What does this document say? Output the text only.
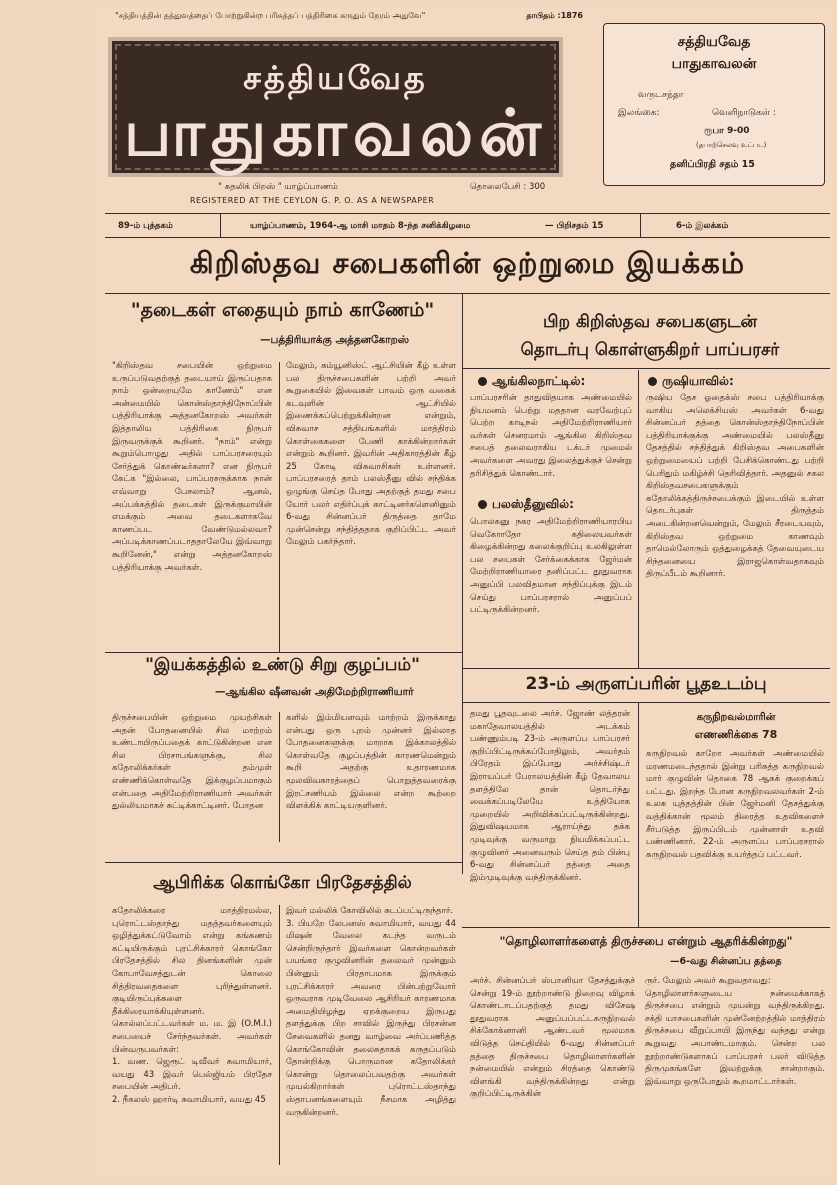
"சத்தியத்தின் தத்துவத்தைப் போற்றுகின்ற பரிசுத்தப் பத்திரிகை கருதும் நேரம் அதுவே"	தாபிதம் :1876
சத்தியவேத
பாதுகாவலன்
" கதலிக் பிறஸ் " யாழ்ப்பாணம்	தொலைபேசி : 300
REGISTERED AT THE CEYLON G. P. O. AS A NEWSPAPER
சத்தியவேத
பாதுகாவலன்
வருடசந்தா
இலங்கை:	வெளிநாடுகள் :
ரூபா 9-00
(தபாற்செலவு உட்பட)
தனிப்பிரதி சதம் 15
89-ம் புத்தகம்	யாழ்ப்பாணம், 1964-ஆ மாசி மாதம் 8-ந்த சனிக்கிழமை	— பிறிசதம் 15	6-ம் இலக்கம்
கிறிஸ்தவ சபைகளின் ஒற்றுமை இயக்கம்
"தடைகள் எதையும் நாம் காணேம்"
—பத்திரியாக்கு அத்தனகோறஸ்
"கிறிஸ்தவ சபையின் ஒற்றுமை உருப்படுவதற்குத் தடையாய் இருப்பதாக நாம் ஒன்றையுமே காணேம்" என அன்மையில் கொன்ஸ்தாந்திநோப்பின் பத்திரியாக்கு அத்தனகோறஸ் அவர்கள் இத்தாலிய பத்திரிகை நிருபர் இருவருக்குக் கூறினர். "நாம்" என்று கூறும்பொழுது அதில் பாப்பரசரையும் சேர்த்துக் கொண்டீர்களா? என நிருபர் கேட்க "இல்லை, பாப்பரசருக்காக நான் எவ்வாறு பேசலாம்? ஆனல், அப்பக்கத்தில் தடைகள் இருக்குமாயின் எமக்கும் அவை தடைகளாகவே காணப்பட வேண்டுமல்லவா? அப்படிக்காணப்படாததாலேயே இவ்வாறு கூறினேன்," என்று அத்தனகோறஸ் பத்திரியாக்கு அவர்கள்.
மேலும், கம்யூனிஸ்ட் ஆட்சியின் கீழ் உள்ள பல திருச்சபைகளின் பற்றி அவர் கூறுகையில் இவைகள் பாவம் ஒரு வகைக் கடவுளின் ஆட்சியில் இணைக்கப்பெற்றுக்கின்றன என்றும், விசுவாச சத்தியங்களில் மாத்திரம் கொள்கைகளை பேணி காக்கின்றார்கள் என்றும் கூறினர். இவரின் அதிகாரத்தின் கீழ் 25 கோடி விசுவாசிகள் உள்ளனர். பாப்பரசரைத் தாம் பலஸ்தீனு வில் சந்திக்க ஒழுங்கு செய்த போது அதற்குத் தமது சபை யோர் பலர் எதிர்ப்புக் காட்டினர்களெனினும் 6-வது சின்னப்பர் திருத்தை தாமே முன்சென்று சந்தித்ததாக குறிப்பிட்ட அவர் மேலும் பகர்ந்தார்.
"இயக்கத்தில் உண்டு சிறு குழப்பம்"
—ஆங்கில ஷீனவன் அதிமேற்றிராணியார்
திருச்சபையின் ஒற்றுமை முயற்சிகள் அதன் போதனையில் சில மாற்றம் உண்டாயிருப்பதைக் காட்டுகின்றன என சில பிரசாபங்களுக்கு, சில கதோலிக்கர்கள் தம்முள் எண்ணிக்கொள்வதே இக்குழப்பமாகும் என்பதை அதிமேற்றிராணியார் அவர்கள் துல்லியமாகச் சுட்டிக்காட்டினர். போதன
களில் இம்மியளவும் மாற்றம் இருக்காது என்பது ஒரு புறம் முன்னர் இல்லாத போதனைகளுக்கு மாறாக இக்காலத்தில் கொள்வதே குழப்பத்தின் காரணமென்றும் கூறி அதற்கு உதாரணமாக மூலவிவகாரத்தைப் பொறுத்தவரைக்கு இரட்சணியம் இல்லை என்ற கூற்றை விளக்கிக் காட்டியருளினர்.
ஆபிரிக்க கொங்கோ பிரதேசத்தில்
கதோலிக்கரை மாத்திரமல்ல, புரொட்டஸ்தாந்து மதத்தவர்களையும் ஒழித்துக்கட்டுவோம் என்று கங்கணம் கட்டியிருக்கும் புரட்சிக்காரர் கொங்கோ பிரதேசத்தில் சில தினங்களின் முன் கோபாவேசத்துடன் கொலை சித்திரவதைகளை புரிந்துள்ளனர். குடியிருப்புக்களை தீக்கிரையாக்கியுள்ளனர். கொல்லப்பட்டவர்கள் ம. ம. இ (O.M.I.) சபையைச் சேர்ந்தவர்கள். அவர்கள் பின்வருபவர்கள்:
1. வண. ஜெரூட் டிவீவர் சுவாமியார், வயது 43 இவர் பெல்ஜியம் பிரதேச சபையின் அதிபர்.
2. நீகலஸ் ஹார்டி சுவாமியார், வயது 45
இவர் மல்லிக் கோவிலில் சுடப்பட்டிருந்தார்.
3. பியறே லேபனஸ் சுவாமியார், வயது 44 மிஷன் வேலை கடந்த வருடம் சென்றிருந்தார் இவர்களை கொன்றவர்கள் பயங்கர குழுவினரின் தலைவர் முன்னும் பின்னும் பிரதாபமாக இருக்கும் புரட்சிக்காரர் அவரை பின்பற்றுவோர் ஒருவராக முடிவேலை ஆசிரியர் காரணமாக அமைதியிழந்து ஏறக்குறைய இருபது தளத்துக்கு பிற சாவில் இருந்து பிரசன்ன சேவைகளில் தனது வாழ்வை அர்ப்பணித்த கொங்கோவின் தலைசுதாகக் கருதப்படும் தோன்றிக்கு பொருமான கதோலிக்கர் கொன்று தொலைப்பவதற்கு அவர்கள் முயல்கிறார்கள் புரொட்டஸ்தாந்து ஸ்தாபனங்களையும் நீசமாக அழித்து வருகின்றனர்.
பிற கிறிஸ்தவ சபைகளுடன்
தொடர்பு கொள்ளுகிறர் பாப்பரசர்
ஆங்கிலநாட்டில்:
பாப்பரசரின் தாதுவிதயாக அண்மையில் நியமனம் பெற்று மததான வரவேற்புப் பெற்ற காடிநல் அதிமேற்றிராணியார் வர்கள் செனரமாம் ஆங்கில கிறிஸ்தவ சபைத் தலைவராகிய டக்டர் முமைல் அவர்களை அவரது இலைத்துக்குச் சென்று தரிசித்துக் கொண்டார்.
ருஷியாவில்:
ருஷிய தேச ஓதைக்ஸ் சபை பத்திரியாக்கு வாகிய அலெக்சியஸ் அவர்கள் 6-வது சின்னப்பர் தத்தை கொன்ஸ்தாந்திநோப்பின் பத்திரியாக்குக்கு அண்மையில் பலஸ்தீனு தேசத்தில் சந்தித்துக் கிறிஸ்தவ அபைகளின் ஒற்றுமையைப் பற்றி பேசிக்கொண்டது பற்றி பெரிதும் மகிழ்ச்சி தெரிவித்தார். அதனுல் சகல கிறிஸ்தவசபைகளுக்கும் கதோலிக்கத்திருச்சபைக்கும் இடையில் உள்ள தொடர்புகள் திருத்தம் அடைகின்றனவென்றும், மேலும் சீரடையவும், கிறிஸ்தவ ஒற்றுமை காணவும் தாமெல்லோரும் ஒத்துழைக்கத் தேவையுடைய சிந்தனையை இராஜகொள்வதாகவும் திருப்பீடம் கூறினார்.
பலஸ்தீனுவில்:
பொலகனு நகர அதிமேற்றிராணியாரபிய வெகோாதோ கதிலையவர்கள் கிழைக்கின்றது கலைக்குறிப்பு உலகிலுள்ள பல சபைகள் சேர்க்கைக்காக ஜேர்மன் மேற்றிராணியாரை தனிப்பட்ட தூதுவராக அனுப்பி பலவிதமான சந்திப்புக்கு இடம் செய்து பாப்பரசரால் அனுப்பப் பட்டிருக்கின்றனர்.
23-ம் அருளப்பரின் பூதஉடம்பு
தமது பூதவுடலை அர்ச். ஜோண் லத்தரன் மகாதேவாலயத்தில் அடக்கம் பண்ணும்படி 23-ம் அருளப்ப பாப்பரசர் குறிப்பிட்டிருக்கப்போதிலும், அவர்தம் பிரேதம் இப்போது அர்ச்சிஷ்டர் இராயப்பர் பேராலயத்தின் கீழ் தேவாலய தளத்திலே தான் தொடர்ந்து வைக்கப்படிலேயே உத்தியோக முறையில் அறிவிக்கப்பட்டிருக்கின்றது. இதுவிஷயமாக ஆராய்ந்து தக்க முடிவுக்கு வருமாறு நியமிக்கப்பட்ட குழுவினர் அனைவரும் செய்த தம் பின்பு 6-வது சின்னப்பர் தத்தை அதை இம்முடிவுக்கு வந்திருக்கினர்.
கருநிறவல்மாரின்
எணணிக்கை 78
கருநிறவல் காறோ அவர்கள் அண்மையில் மரணமடைந்ததால் இன்று பரிசுத்த கருநிறவல் மார் குழுவின் தொகை 78 ஆகக் குறைக்கப் பட்டது. இறந்த போன கருநிறவலவர்கள் 2-ம் உலக யுத்தத்தின் பின் ஜேர்மனி தேசத்துக்கு வத்திக்கான் மூலம் திரைத்த உதவிகளைச் சீர்படுத்த இருப்பிடம் முன்னாள் உதவி பண்ணினார். 22-ம் அருளப்ப பாப்பரசரால் கருநிறவல் பதவிக்கு உயர்த்தப் பட்டவர்.
"தொழிலாளர்களைத் திருச்சபை என்றும் ஆதரிக்கின்றது"
—6-வது சின்னப்ப தத்தை
அர்ச். சின்னப்பர் ஸ்பானியா தேசத்துக்குச் சென்று 19-ம் நூற்றாண்டு நிறைவு விழாக் கொண்டாடப்பதற்குத் தமது விசேஷ தூதுவராக அனுப்பப்பட்டகருநிறவல் சிக்கோக்னானி ஆண்டவர் மூலமாக விடுத்த செய்தியில் 6-வது சின்னப்பர் தத்தை திருச்சபை தொழிலாளர்களின் நன்மையில் என்றும் சிரத்தை கொண்டு விளங்கி வந்திருக்கின்றது என்று குறிப்பிட்டிருக்கின்
ருர். மேலும் அவர் கூறுவதாவது:
தொழிலாளர்களுடைய நன்மைக்காகத் திருச்சபை என்றும் முயன்று வந்திருக்கிறது. சக்தி யாசபைகளின் முன்னேற்றத்தில் மாத்திரம் திருச்சபை வீறுப்பாயி இருந்து வந்தது என்று கூறுவது அபாண்டமாகும். சென்ற பல நூற்றாண்டுகளாகப் பாப்பரசர் பலர் விடுத்த திருமுகங்களே இவற்றுக்கு சான்றாகும். இவ்வாறு ஒருபோதும் கூறமாட்டார்கள்.
